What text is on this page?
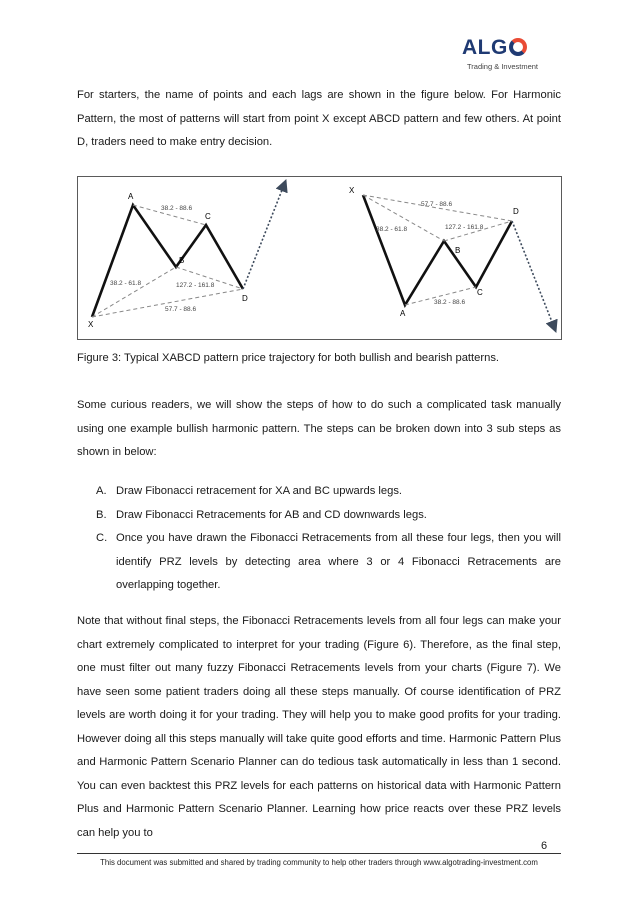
ALG
Trading & Investment
For starters, the name of points and each lags are shown in the figure below. For Harmonic Pattern, the most of patterns will start from point X except ABCD pattern and few others. At point D, traders need to make entry decision.
X
A
B
C
D
38.2 - 61.8
38.2 - 88.6
127.2 - 161.8
57.7 - 88.6
X
A
B
C
D
57.7 - 88.6
38.2 - 61.8	127.2 - 161.8
38.2 - 88.6
Figure 3: Typical XABCD pattern price trajectory for both bullish and bearish patterns.
Some curious readers, we will show the steps of how to do such a complicated task manually using one example bullish harmonic pattern. The steps can be broken down into 3 sub steps as shown in below:
A. Draw Fibonacci retracement for XA and BC upwards legs.
B. Draw Fibonacci Retracements for AB and CD downwards legs.
C. Once you have drawn the Fibonacci Retracements from all these four legs, then you will identify PRZ levels by detecting area where 3 or 4 Fibonacci Retracements are overlapping together.
Note that without final steps, the Fibonacci Retracements levels from all four legs can make your chart extremely complicated to interpret for your trading (Figure 6). Therefore, as the final step, one must filter out many fuzzy Fibonacci Retracements levels from your charts (Figure 7). We have seen some patient traders doing all these steps manually. Of course identification of PRZ levels are worth doing it for your trading. They will help you to make good profits for your trading. However doing all this steps manually will take quite good efforts and time. Harmonic Pattern Plus and Harmonic Pattern Scenario Planner can do tedious task automatically in less than 1 second. You can even backtest this PRZ levels for each patterns on historical data with Harmonic Pattern Plus and Harmonic Pattern Scenario Planner. Learning how price reacts over these PRZ levels can help you to
6
This document was submitted and shared by trading community to help other traders through www.algotrading-investment.com
